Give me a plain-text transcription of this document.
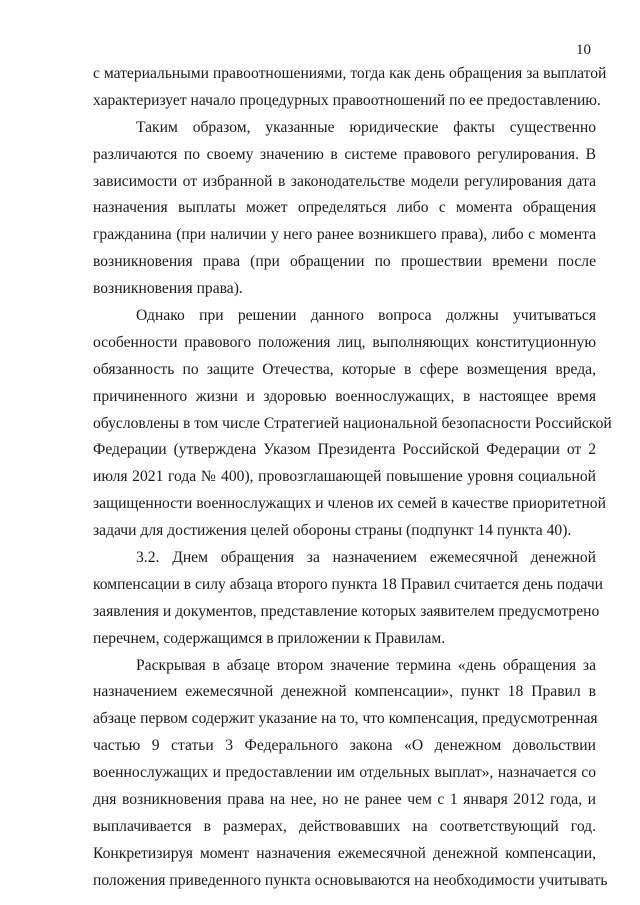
10
с материальными правоотношениями, тогда как день обращения за выплатой
характеризует начало процедурных правоотношений по ее предоставлению.
Таким образом, указанные юридические факты существенно
различаются по своему значению в системе правового регулирования. В
зависимости от избранной в законодательстве модели регулирования дата
назначения выплаты может определяться либо с момента обращения
гражданина (при наличии у него ранее возникшего права), либо с момента
возникновения права (при обращении по прошествии времени после
возникновения права).
Однако при решении данного вопроса должны учитываться
особенности правового положения лиц, выполняющих конституционную
обязанность по защите Отечества, которые в сфере возмещения вреда,
причиненного жизни и здоровью военнослужащих, в настоящее время
обусловлены в том числе Стратегией национальной безопасности Российской
Федерации (утверждена Указом Президента Российской Федерации от 2
июля 2021 года № 400), провозглашающей повышение уровня социальной
защищенности военнослужащих и членов их семей в качестве приоритетной
задачи для достижения целей обороны страны (подпункт 14 пункта 40).
3.2. Днем обращения за назначением ежемесячной денежной
компенсации в силу абзаца второго пункта 18 Правил считается день подачи
заявления и документов, представление которых заявителем предусмотрено
перечнем, содержащимся в приложении к Правилам.
Раскрывая в абзаце втором значение термина «день обращения за
назначением ежемесячной денежной компенсации», пункт 18 Правил в
абзаце первом содержит указание на то, что компенсация, предусмотренная
частью 9 статьи 3 Федерального закона «О денежном довольствии
военнослужащих и предоставлении им отдельных выплат», назначается со
дня возникновения права на нее, но не ранее чем с 1 января 2012 года, и
выплачивается в размерах, действовавших на соответствующий год.
Конкретизируя момент назначения ежемесячной денежной компенсации,
положения приведенного пункта основываются на необходимости учитывать
